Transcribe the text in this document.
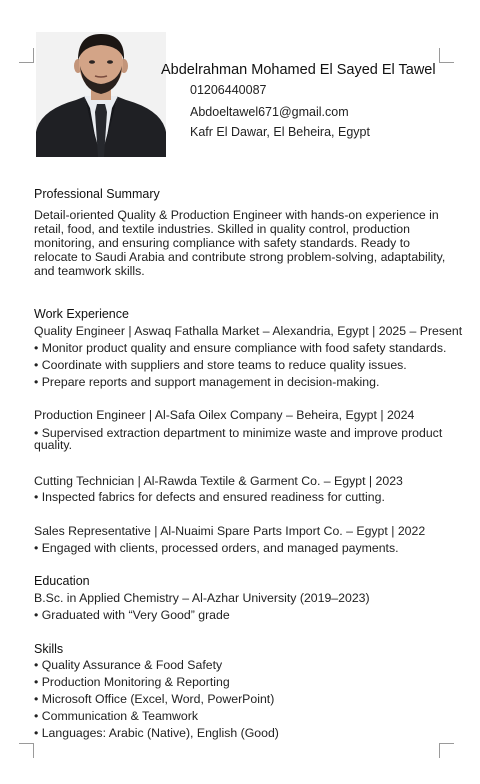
Abdelrahman Mohamed El Sayed El Tawel
01206440087
Abdoeltawel671@gmail.com
Kafr El Dawar, El Beheira, Egypt
Professional Summary
Detail-oriented Quality & Production Engineer with hands-on experience in retail, food, and textile industries. Skilled in quality control, production monitoring, and ensuring compliance with safety standards. Ready to relocate to Saudi Arabia and contribute strong problem-solving, adaptability, and teamwork skills.
Work Experience
Quality Engineer | Aswaq Fathalla Market – Alexandria, Egypt | 2025 – Present
• Monitor product quality and ensure compliance with food safety standards.
• Coordinate with suppliers and store teams to reduce quality issues.
• Prepare reports and support management in decision-making.
Production Engineer | Al-Safa Oilex Company – Beheira, Egypt | 2024
• Supervised extraction department to minimize waste and improve product quality.
Cutting Technician | Al-Rawda Textile & Garment Co. – Egypt | 2023
• Inspected fabrics for defects and ensured readiness for cutting.
Sales Representative | Al-Nuaimi Spare Parts Import Co. – Egypt | 2022
• Engaged with clients, processed orders, and managed payments.
Education
B.Sc. in Applied Chemistry – Al-Azhar University (2019–2023)
• Graduated with “Very Good” grade
Skills
• Quality Assurance & Food Safety
• Production Monitoring & Reporting
• Microsoft Office (Excel, Word, PowerPoint)
• Communication & Teamwork
• Languages: Arabic (Native), English (Good)
